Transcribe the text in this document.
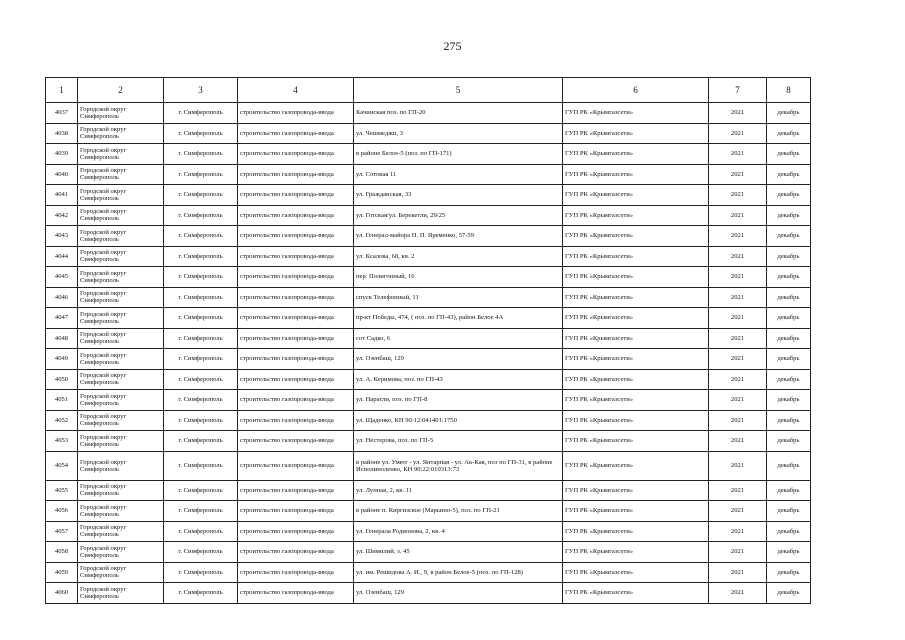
275
1	2	3	4	5	6	7	8
4037	Городской округ Симферополь	г. Симферополь	строительство газопровода-ввода	Качинская поз. по ГП-20	ГУП РК «Крымгазсети»	2021	декабрь
4038	Городской округ Симферополь	г. Симферополь	строительство газопровода-ввода	ул. Чешмеджи, 3	ГУП РК «Крымгазсети»	2021	декабрь
4039	Городской округ Симферополь	г. Симферополь	строительство газопровода-ввода	в районе Белое-5 (поз. по ГП-171)	ГУП РК «Крымгазсети»	2021	декабрь
4040	Городской округ Симферополь	г. Симферополь	строительство газопровода-ввода	ул. Сотовая 11	ГУП РК «Крымгазсети»	2021	декабрь
4041	Городской округ Симферополь	г. Симферополь	строительство газопровода-ввода	ул. Гражданская, 33	ГУП РК «Крымгазсети»	2021	декабрь
4042	Городской округ Симферополь	г. Симферополь	строительство газопровода-ввода	ул. Готская/ул. Берекетли, 29/25	ГУП РК «Крымгазсети»	2021	декабрь
4043	Городской округ Симферополь	г. Симферополь	строительство газопровода-ввода	ул. Генерал-майора П. П. Яременко, 57-59	ГУП РК «Крымгазсети»	2021	декабрь
4044	Городской округ Симферополь	г. Симферополь	строительство газопровода-ввода	ул. Ксалова, 68, кв. 2	ГУП РК «Крымгазсети»	2021	декабрь
4045	Городской округ Симферополь	г. Симферополь	строительство газопровода-ввода	пер. Полигонный, 16	ГУП РК «Крымгазсети»	2021	декабрь
4046	Городской округ Симферополь	г. Симферополь	строительство газопровода-ввода	спуск Телефонный, 11	ГУП РК «Крымгазсети»	2021	декабрь
4047	Городской округ Симферополь	г. Симферополь	строительство газопровода-ввода	пр-кт Победы, 474, ( поз. по ГП-43), район Белое 4А	ГУП РК «Крымгазсети»	2021	декабрь
4048	Городской округ Симферополь	г. Симферополь	строительство газопровода-ввода	сот Садко, 6	ГУП РК «Крымгазсети»	2021	декабрь
4049	Городской округ Симферополь	г. Симферополь	строительство газопровода-ввода	ул. Озенбаш, 129	ГУП РК «Крымгазсети»	2021	декабрь
4050	Городской округ Симферополь	г. Симферополь	строительство газопровода-ввода	ул. А. Керимова, поз. по ГП-43	ГУП РК «Крымгазсети»	2021	декабрь
4051	Городской округ Симферополь	г. Симферополь	строительство газопровода-ввода	ул. Наратли, поз. по ГП-8	ГУП РК «Крымгазсети»	2021	декабрь
4052	Городской округ Симферополь	г. Симферополь	строительство газопровода-ввода	ул. Щаденко, КН 90:12:041401:1750	ГУП РК «Крымгазсети»	2021	декабрь
4053	Городской округ Симферополь	г. Симферополь	строительство газопровода-ввода	ул. Нестерова, поз. по ГП-5	ГУП РК «Крымгазсети»	2021	декабрь
4054	Городской округ Симферополь	г. Симферополь	строительство газопровода-ввода	в районе ул. Умют - ул. Янтарная - ул. Ак-Кая, поз по ГП-31, в районе Исполиноленко, КН 90:22:010313:73	ГУП РК «Крымгазсети»	2021	декабрь
4055	Городской округ Симферополь	г. Симферополь	строительство газопровода-ввода	ул. Лунная, 2, кв. 11	ГУП РК «Крымгазсети»	2021	декабрь
4056	Городской округ Симферополь	г. Симферополь	строительство газопровода-ввода	в районе п. Киргизское (Марьино-5), поз. по ГП-21	ГУП РК «Крымгазсети»	2021	декабрь
4057	Городской округ Симферополь	г. Симферополь	строительство газопровода-ввода	ул. Генерала Родионова, 2, кв. 4	ГУП РК «Крымгазсети»	2021	декабрь
4058	Городской округ Симферополь	г. Симферополь	строительство газопровода-ввода	ул. Шимилий, з. 45	ГУП РК «Крымгазсети»	2021	декабрь
4059	Городской округ Симферополь	г. Симферополь	строительство газопровода-ввода	ул. им. Решидова А. И., 9, в район Белое-5 (поз. по ГП-128)	ГУП РК «Крымгазсети»	2021	декабрь
4060	Городской округ Симферополь	г. Симферополь	строительство газопровода-ввода	ул. Озенбаш, 129	ГУП РК «Крымгазсети»	2021	декабрь
